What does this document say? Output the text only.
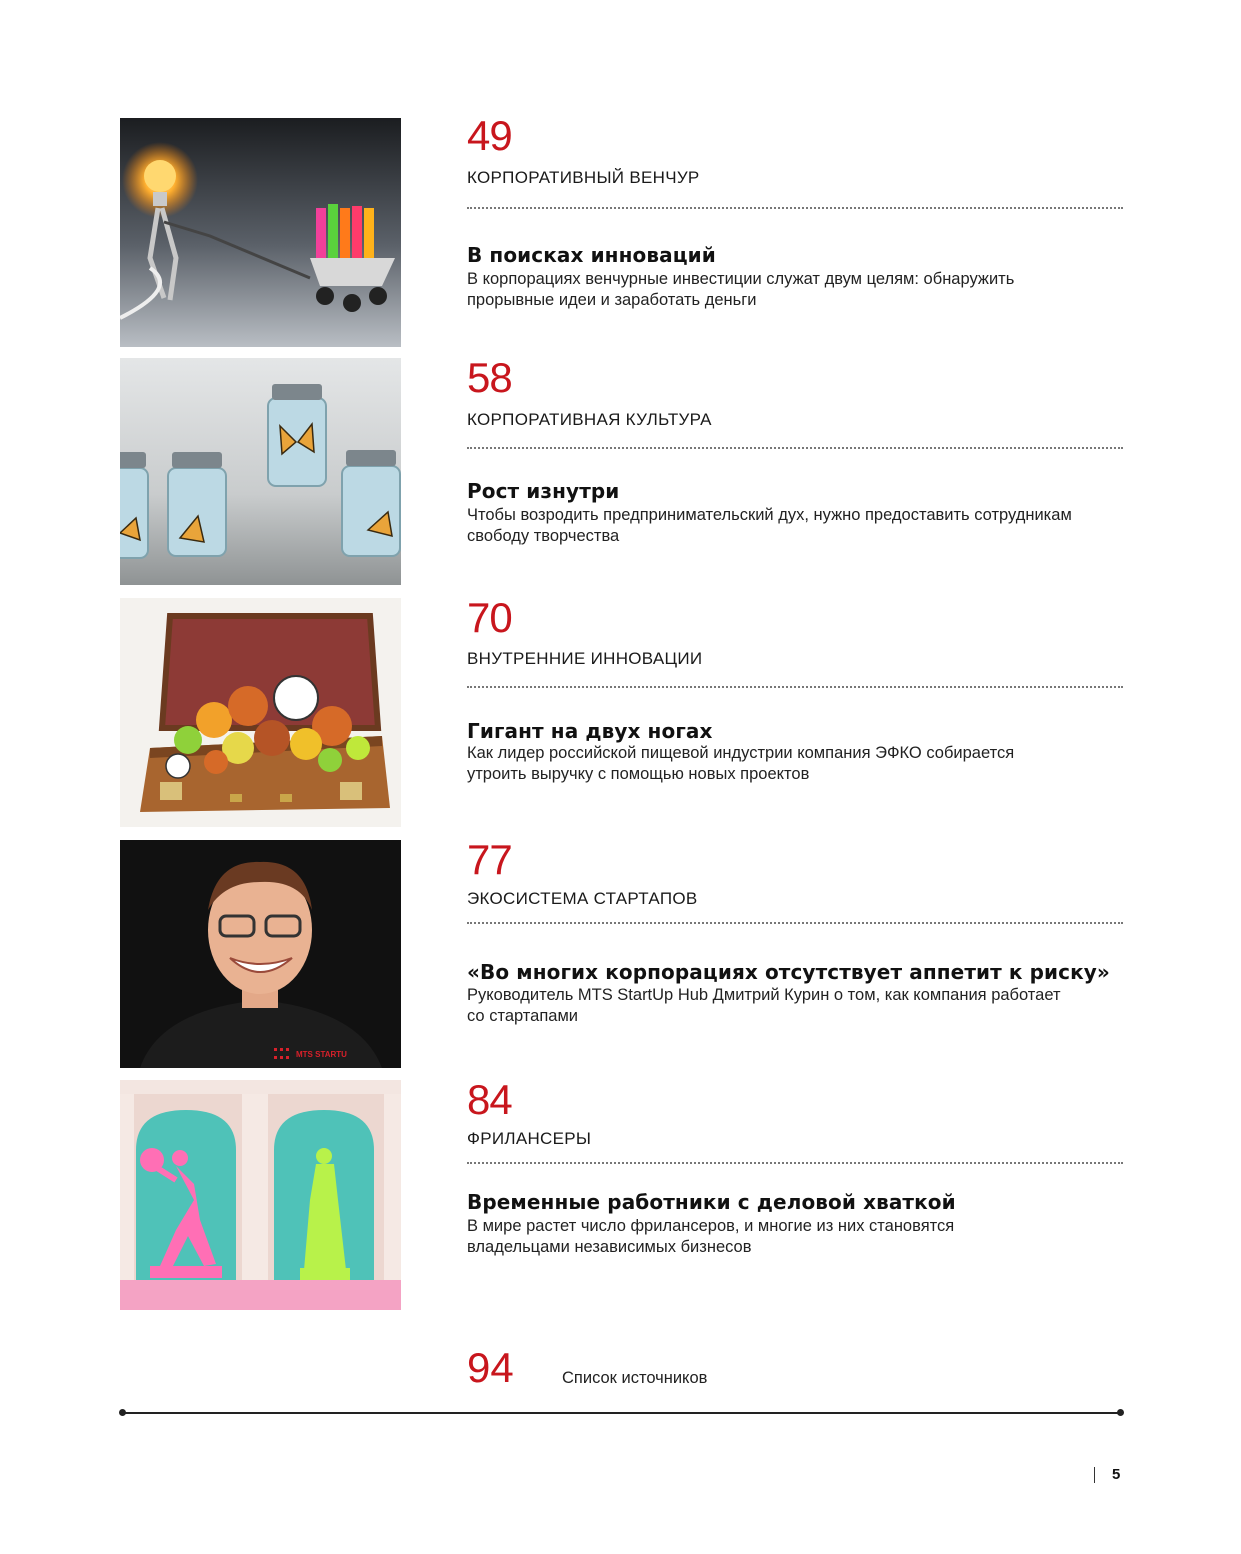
49
КОРПОРАТИВНЫЙ ВЕНЧУР
В поисках инноваций
В корпорациях венчурные инвестиции служат двум целям: обнаружить
прорывные идеи и заработать деньги
58
КОРПОРАТИВНАЯ КУЛЬТУРА
Рост изнутри
Чтобы возродить предпринимательский дух, нужно предоставить сотрудникам
свободу творчества
70
ВНУТРЕННИЕ ИННОВАЦИИ
Гигант на двух ногах
Как лидер российской пищевой индустрии компания ЭФКО собирается
утроить выручку с помощью новых проектов
MTS STARTU
77
ЭКОСИСТЕМА СТАРТАПОВ
«Во многих корпорациях отсутствует аппетит к риску»
Руководитель MTS StartUp Hub Дмитрий Курин о том, как компания работает
со стартапами
84
ФРИЛАНСЕРЫ
Временные работники с деловой хваткой
В мире растет число фрилансеров, и многие из них становятся
владельцами независимых бизнесов
94	Список источников
5
